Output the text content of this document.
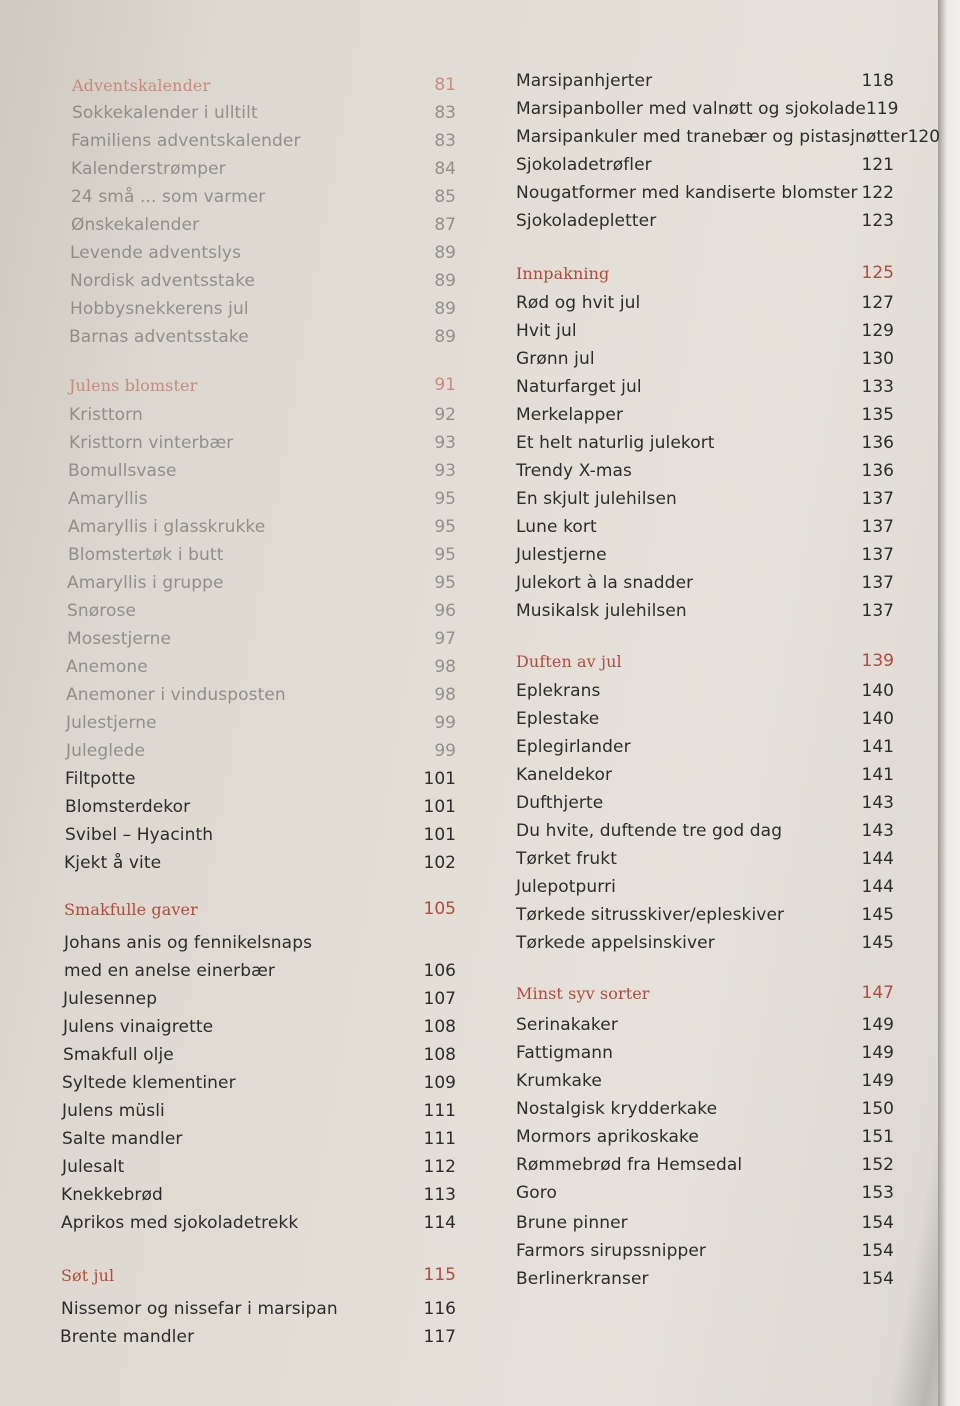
Adventskalender	81
Sokkekalender i ulltilt	83
Familiens adventskalender	83
Kalenderstrømper	84
24 små ... som varmer	85
Ønskekalender	87
Levende adventslys	89
Nordisk adventsstake	89
Hobbysnekkerens jul	89
Barnas adventsstake	89
Julens blomster	91
Kristtorn	92
Kristtorn vinterbær	93
Bomullsvase	93
Amaryllis	95
Amaryllis i glasskrukke	95
Blomstertøk i butt	95
Amaryllis i gruppe	95
Snørose	96
Mosestjerne	97
Anemone	98
Anemoner i vindusposten	98
Julestjerne	99
Juleglede	99
Filtpotte	101
Blomsterdekor	101
Svibel – Hyacinth	101
Kjekt å vite	102
Smakfulle gaver	105
Johans anis og fennikelsnaps
med en anelse einerbær	106
Julesennep	107
Julens vinaigrette	108
Smakfull olje	108
Syltede klementiner	109
Julens müsli	111
Salte mandler	111
Julesalt	112
Knekkebrød	113
Aprikos med sjokoladetrekk	114
Søt jul	115
Nissemor og nissefar i marsipan	116
Brente mandler	117
Marsipanhjerter	118
Marsipanboller med valnøtt og sjokolade 119
Marsipankuler med tranebær og pistasjnøtter 120
Sjokoladetrøfler	121
Nougatformer med kandiserte blomster 122
Sjokoladepletter	123
Innpakning	125
Rød og hvit jul	127
Hvit jul	129
Grønn jul	130
Naturfarget jul	133
Merkelapper	135
Et helt naturlig julekort	136
Trendy X-mas	136
En skjult julehilsen	137
Lune kort	137
Julestjerne	137
Julekort à la snadder	137
Musikalsk julehilsen	137
Duften av jul	139
Eplekrans	140
Eplestake	140
Eplegirlander	141
Kaneldekor	141
Dufthjerte	143
Du hvite, duftende tre god dag	143
Tørket frukt	144
Julepotpurri	144
Tørkede sitrusskiver/epleskiver	145
Tørkede appelsinskiver	145
Minst syv sorter	147
Serinakaker	149
Fattigmann	149
Krumkake	149
Nostalgisk krydderkake	150
Mormors aprikoskake	151
Rømmebrød fra Hemsedal	152
Goro	153
Brune pinner	154
Farmors sirupssnipper	154
Berlinerkranser	154
